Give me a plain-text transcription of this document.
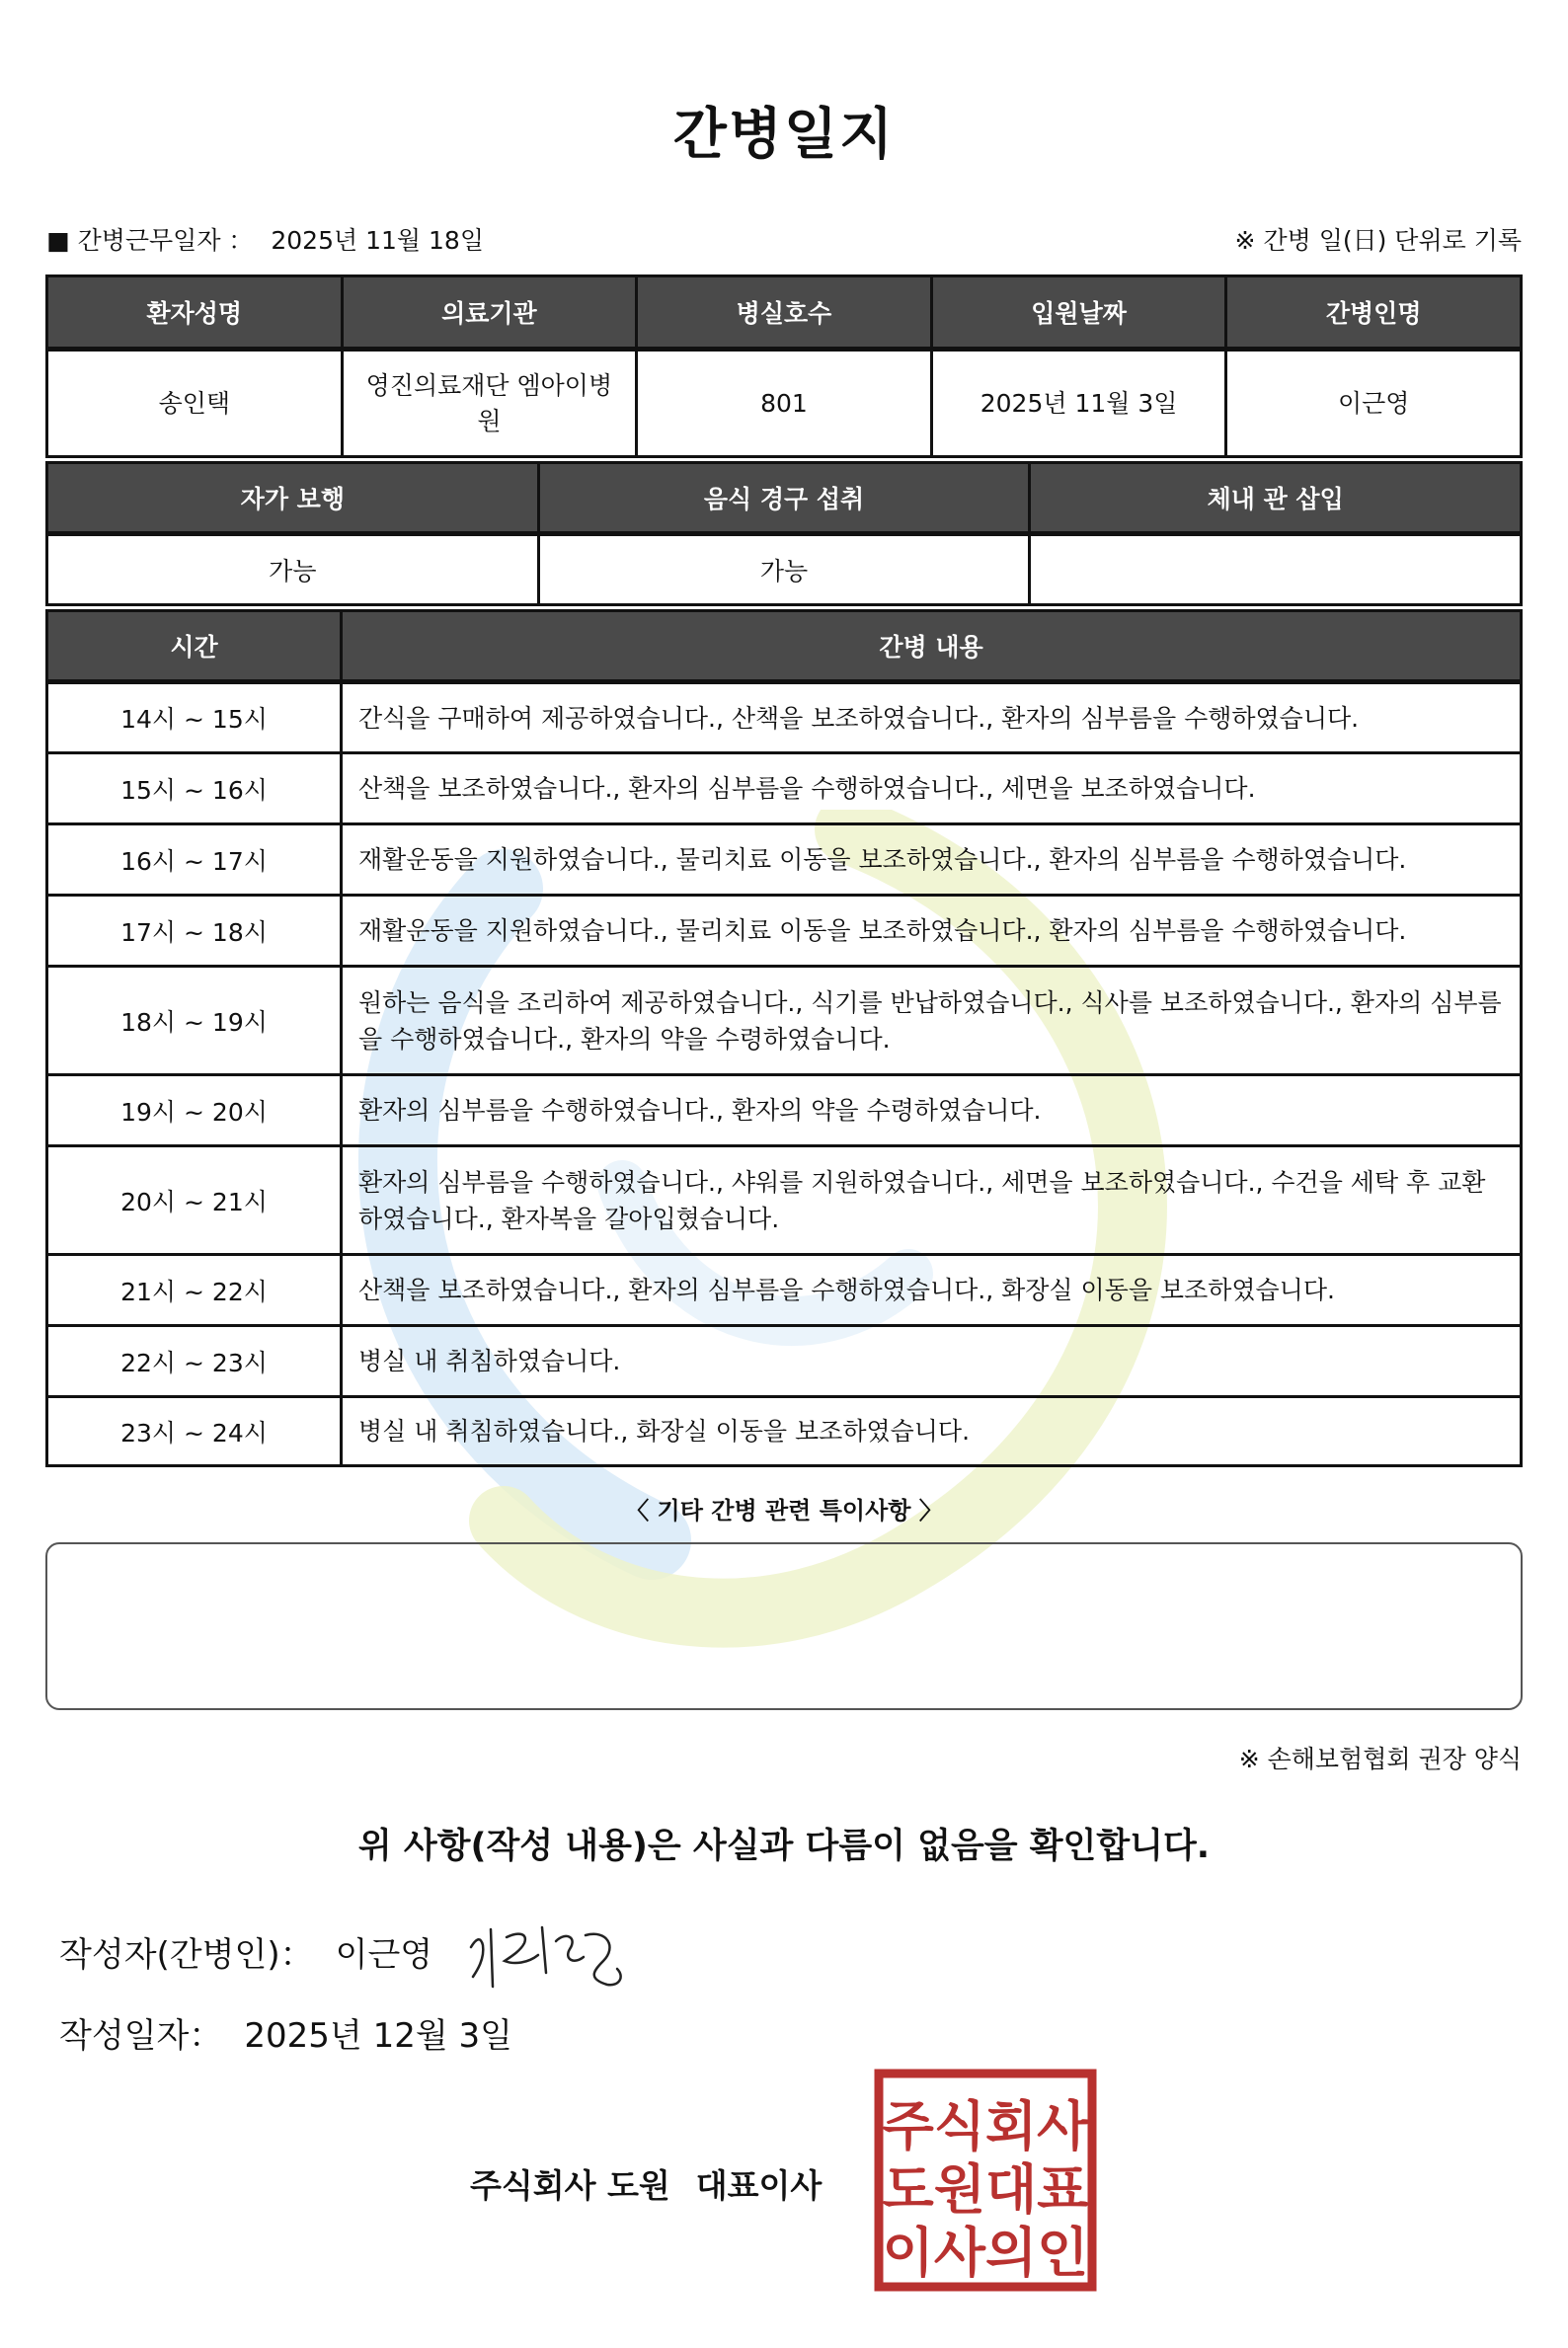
간병일지
■ 간병근무일자 ： 2025년 11월 18일	※ 간병 일(日) 단위로 기록
환자성명	의료기관	병실호수	입원날짜	간병인명
송인택	영진의료재단 엠아이병원	801	2025년 11월 3일	이근영
자가 보행	음식 경구 섭취	체내 관 삽입
가능	가능	
시간	간병 내용
14시 ~ 15시	간식을 구매하여 제공하였습니다., 산책을 보조하였습니다., 환자의 심부름을 수행하였습니다.
15시 ~ 16시	산책을 보조하였습니다., 환자의 심부름을 수행하였습니다., 세면을 보조하였습니다.
16시 ~ 17시	재활운동을 지원하였습니다., 물리치료 이동을 보조하였습니다., 환자의 심부름을 수행하였습니다.
17시 ~ 18시	재활운동을 지원하였습니다., 물리치료 이동을 보조하였습니다., 환자의 심부름을 수행하였습니다.
18시 ~ 19시	원하는 음식을 조리하여 제공하였습니다., 식기를 반납하였습니다., 식사를 보조하였습니다., 환자의 심부름을 수행하였습니다., 환자의 약을 수령하였습니다.
19시 ~ 20시	환자의 심부름을 수행하였습니다., 환자의 약을 수령하였습니다.
20시 ~ 21시	환자의 심부름을 수행하였습니다., 샤워를 지원하였습니다., 세면을 보조하였습니다., 수건을 세탁 후 교환하였습니다., 환자복을 갈아입혔습니다.
21시 ~ 22시	산책을 보조하였습니다., 환자의 심부름을 수행하였습니다., 화장실 이동을 보조하였습니다.
22시 ~ 23시	병실 내 취침하였습니다.
23시 ~ 24시	병실 내 취침하였습니다., 화장실 이동을 보조하였습니다.
〈 기타 간병 관련 특이사항 〉
※ 손해보험협회 권장 양식
위 사항(작성 내용)은 사실과 다름이 없음을 확인합니다.
작성자(간병인)： 이근영
작성일자： 2025년 12월 3일
주식회사 도원 대표이사
주식회사
도원대표
이사의인
